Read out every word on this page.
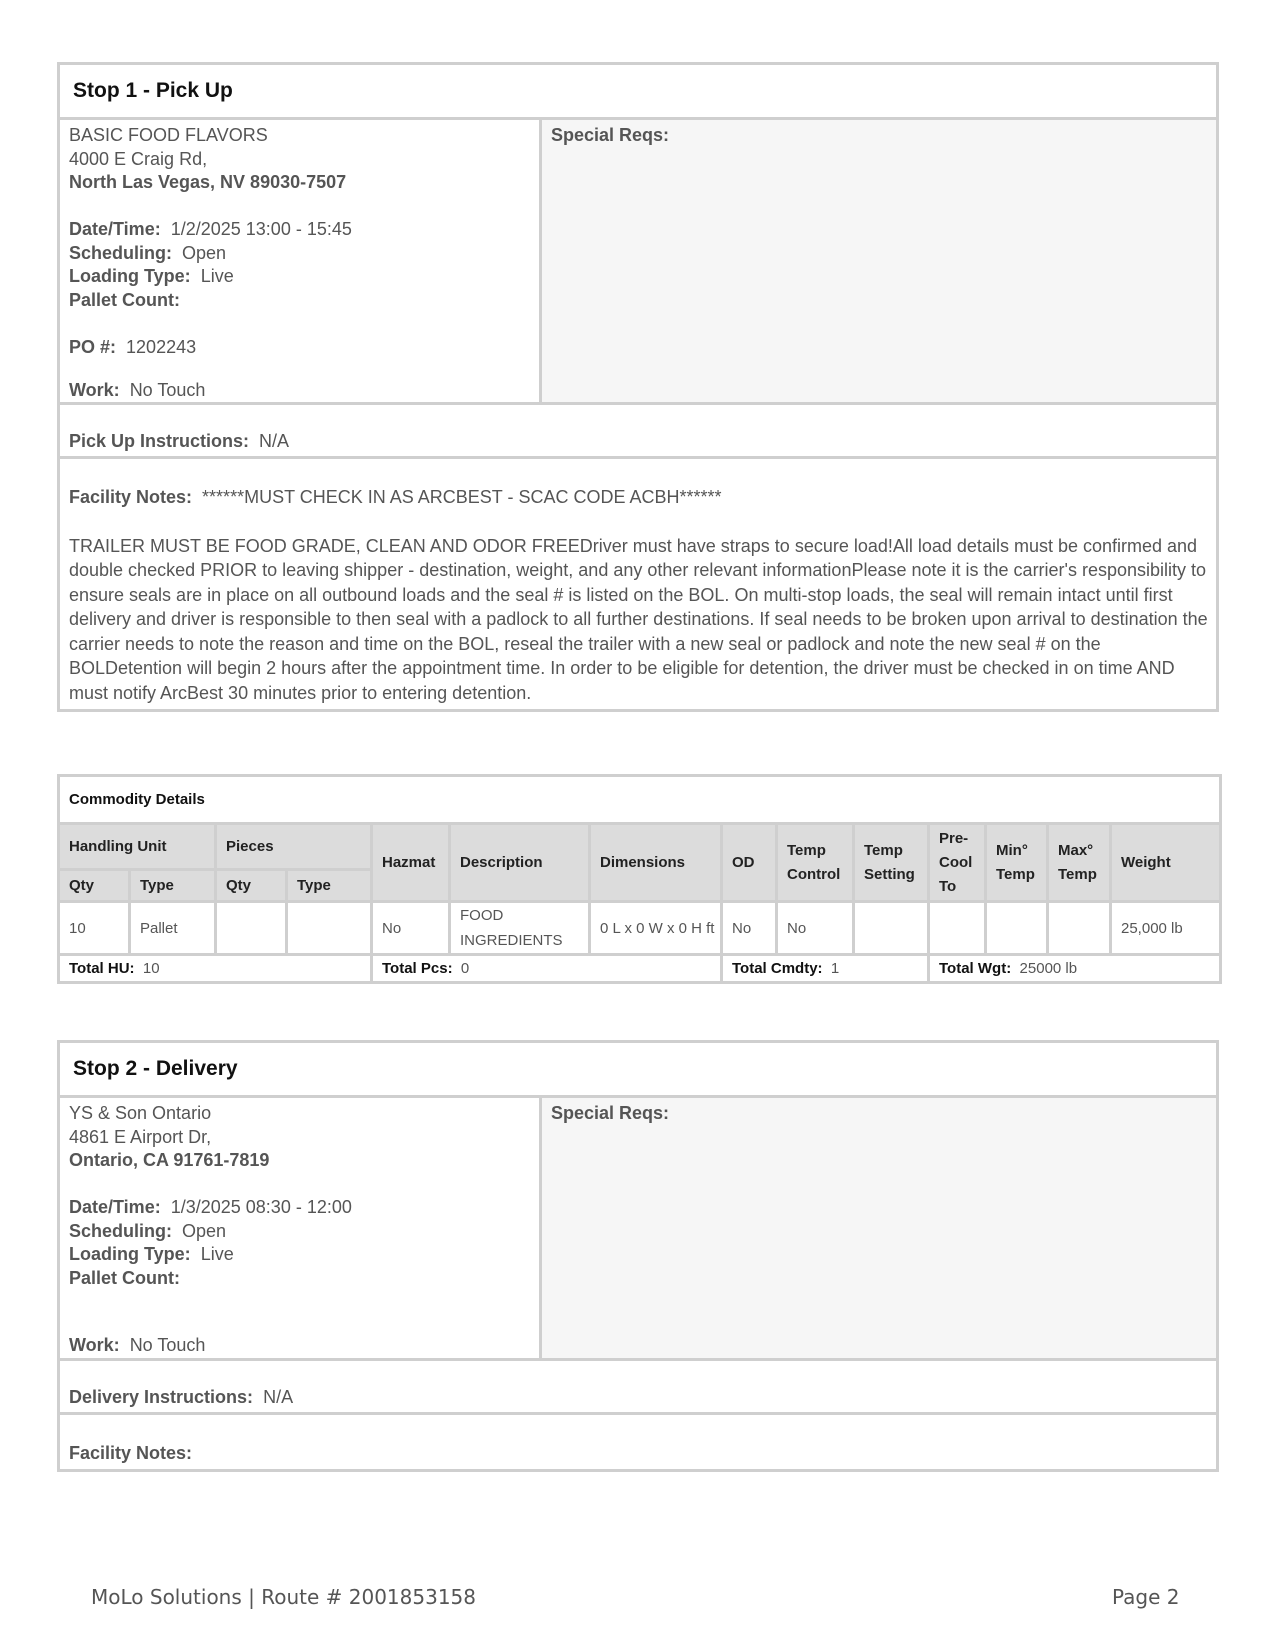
Stop 1 - Pick Up
BASIC FOOD FLAVORS
4000 E Craig Rd,
North Las Vegas, NV 89030-7507
Date/Time: 1/2/2025 13:00 - 15:45
Scheduling: Open
Loading Type: Live
Pallet Count:
PO #: 1202243
Work: No Touch
Special Reqs:
Pick Up Instructions: N/A
Facility Notes: ******MUST CHECK IN AS ARCBEST - SCAC CODE ACBH******
TRAILER MUST BE FOOD GRADE, CLEAN AND ODOR FREEDriver must have straps to secure load!All load details must be confirmed and double checked PRIOR to leaving shipper - destination, weight, and any other relevant informationPlease note it is the carrier's responsibility to ensure seals are in place on all outbound loads and the seal # is listed on the BOL. On multi-stop loads, the seal will remain intact until first delivery and driver is responsible to then seal with a padlock to all further destinations. If seal needs to be broken upon arrival to destination the carrier needs to note the reason and time on the BOL, reseal the trailer with a new seal or padlock and note the new seal # on the BOLDetention will begin 2 hours after the appointment time. In order to be eligible for detention, the driver must be checked in on time AND must notify ArcBest 30 minutes prior to entering detention.
Commodity Details													
Handling Unit		Pieces		Hazmat	Description	Dimensions	OD	Temp Control	Temp Setting	Pre-Cool To	Min° Temp	Max° Temp	Weight
Qty	Type	Qty	Type										
10	Pallet			No	FOOD INGREDIENTS	0 L x 0 W x 0 H ft	No	No					25,000 lb
Total HU: 10				Total Pcs: 0			Total Cmdty: 1			Total Wgt: 25000 lb			
Stop 2 - Delivery
YS & Son Ontario
4861 E Airport Dr,
Ontario, CA 91761-7819
Date/Time: 1/3/2025 08:30 - 12:00
Scheduling: Open
Loading Type: Live
Pallet Count:
Work: No Touch
Special Reqs:
Delivery Instructions: N/A
Facility Notes:
MoLo Solutions | Route # 2001853158	Page 2
